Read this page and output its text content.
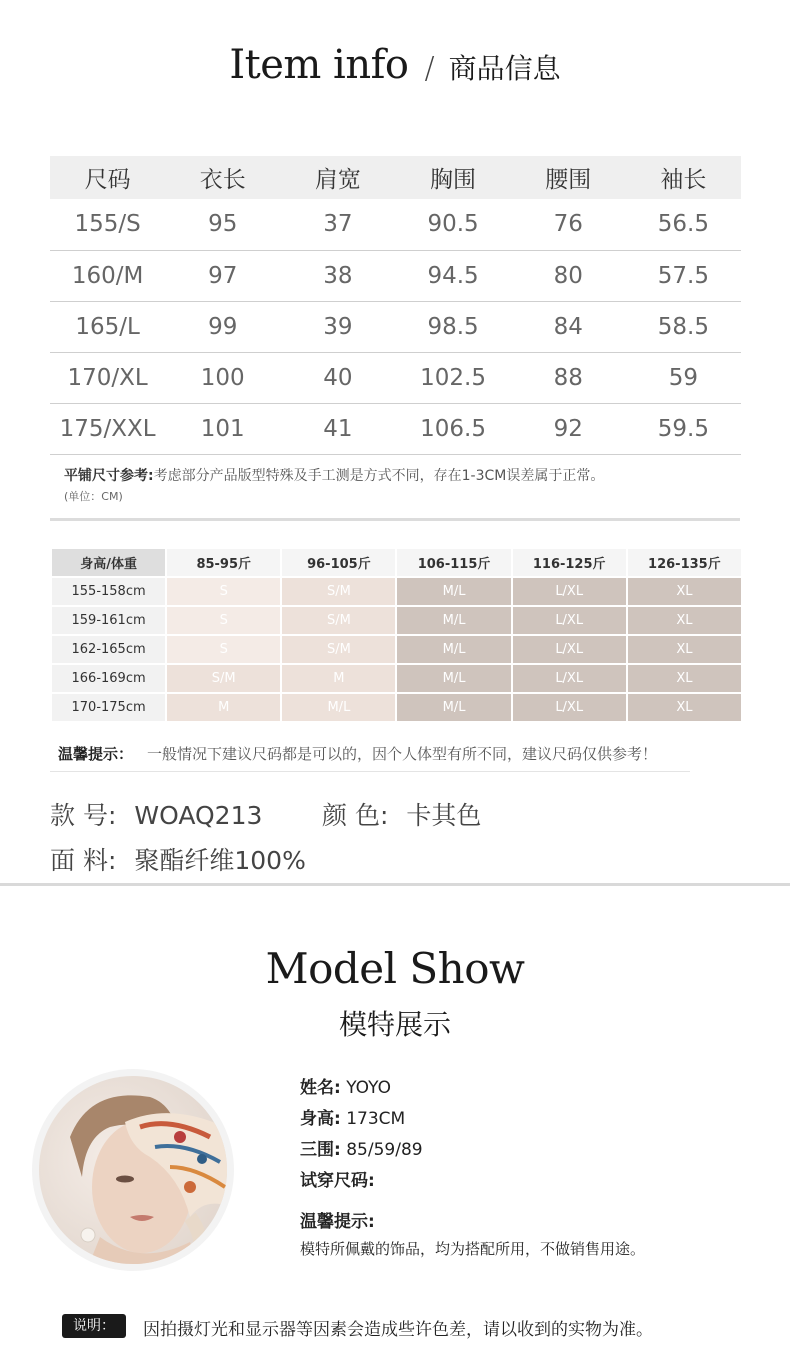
Item info / 商品信息
尺码	衣长	肩宽	胸围	腰围	袖长
155/S	95	37	90.5	76	56.5
160/M	97	38	94.5	80	57.5
165/L	99	39	98.5	84	58.5
170/XL	100	40	102.5	88	59
175/XXL	101	41	106.5	92	59.5
平铺尺寸参考:考虑部分产品版型特殊及手工测是方式不同，存在1-3CM误差属于正常。
(单位：CM)
身高/体重	85-95斤	96-105斤	106-115斤	116-125斤	126-135斤
155-158cm	S	S/M	M/L	L/XL	XL
159-161cm	S	S/M	M/L	L/XL	XL
162-165cm	S	S/M	M/L	L/XL	XL
166-169cm	S/M	M	M/L	L/XL	XL
170-175cm	M	M/L	M/L	L/XL	XL
温馨提示： 一般情况下建议尺码都是可以的，因个人体型有所不同，建议尺码仅供参考！
款 号: WOAQ213 颜 色: 卡其色
面 料: 聚酯纤维100%
Model Show
模特展示
姓名: YOYO
身高: 173CM
三围: 85/59/89
试穿尺码:
温馨提示:
模特所佩戴的饰品，均为搭配所用，不做销售用途。
说明：	因拍摄灯光和显示器等因素会造成些许色差，请以收到的实物为准。
